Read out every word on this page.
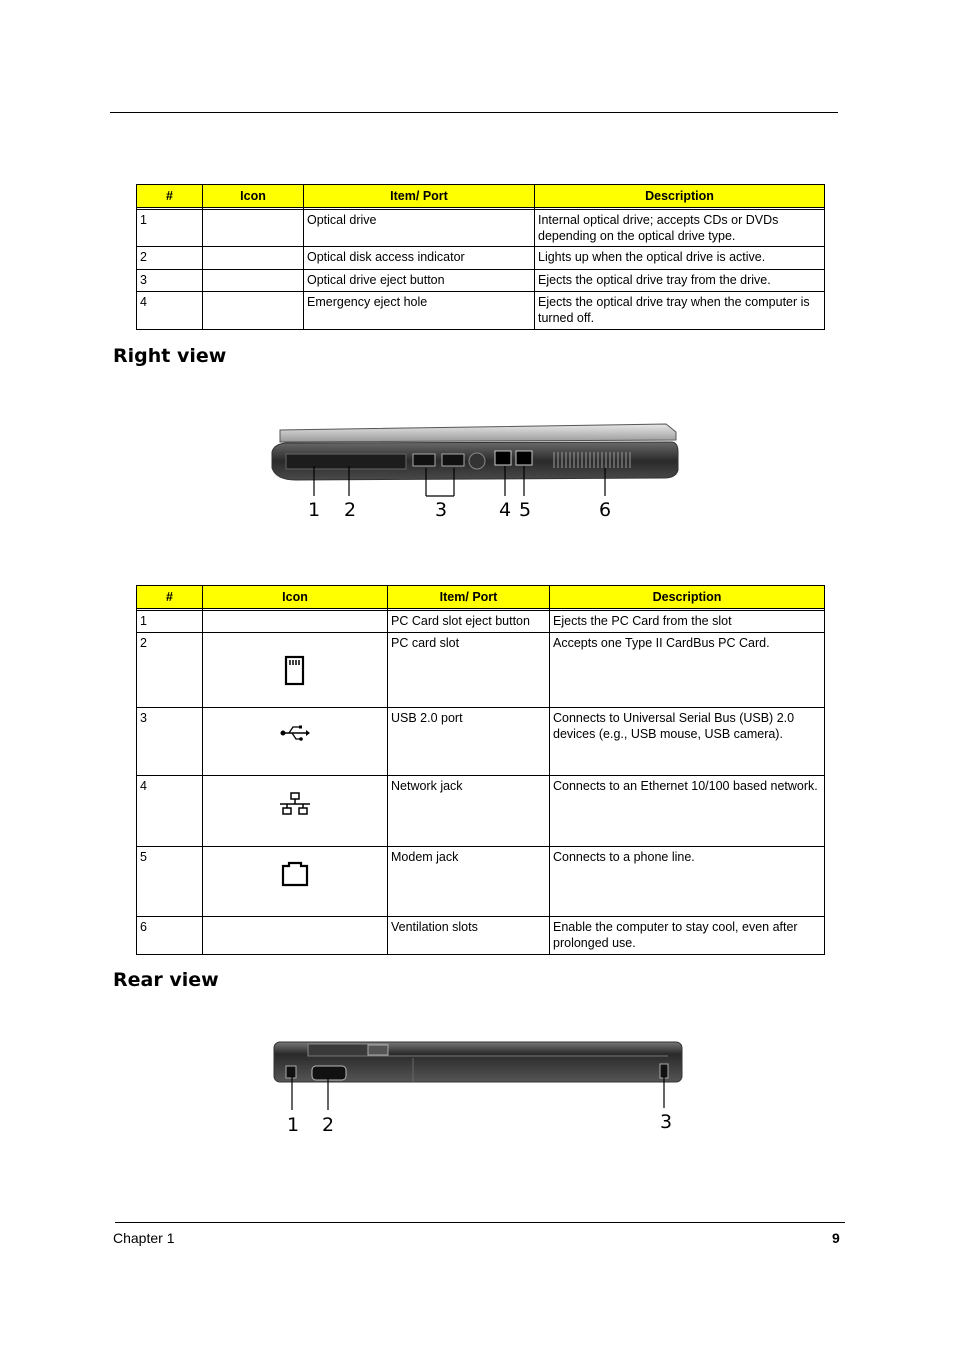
#	Icon	Item/ Port	Description

1		Optical drive	Internal optical drive; accepts CDs or DVDs depending on the optical drive type.
2		Optical disk access indicator	Lights up when the optical drive is active.
3		Optical drive eject button	Ejects the optical drive tray from the drive.
4		Emergency eject hole	Ejects the optical drive tray when the computer is turned off.
Right view
1 2	3	4 5	6
#	Icon	Item/ Port	Description

1		PC Card slot eject button	Ejects the PC Card from the slot
2		PC card slot	Accepts one Type II CardBus PC Card.
3		USB 2.0 port	Connects to Universal Serial Bus (USB) 2.0 devices (e.g., USB mouse, USB camera).
4		Network jack	Connects to an Ethernet 10/100 based network.
5		Modem jack	Connects to a phone line.
6		Ventilation slots	Enable the computer to stay cool, even after prolonged use.
Rear view
1 2	3
Chapter 1	9
